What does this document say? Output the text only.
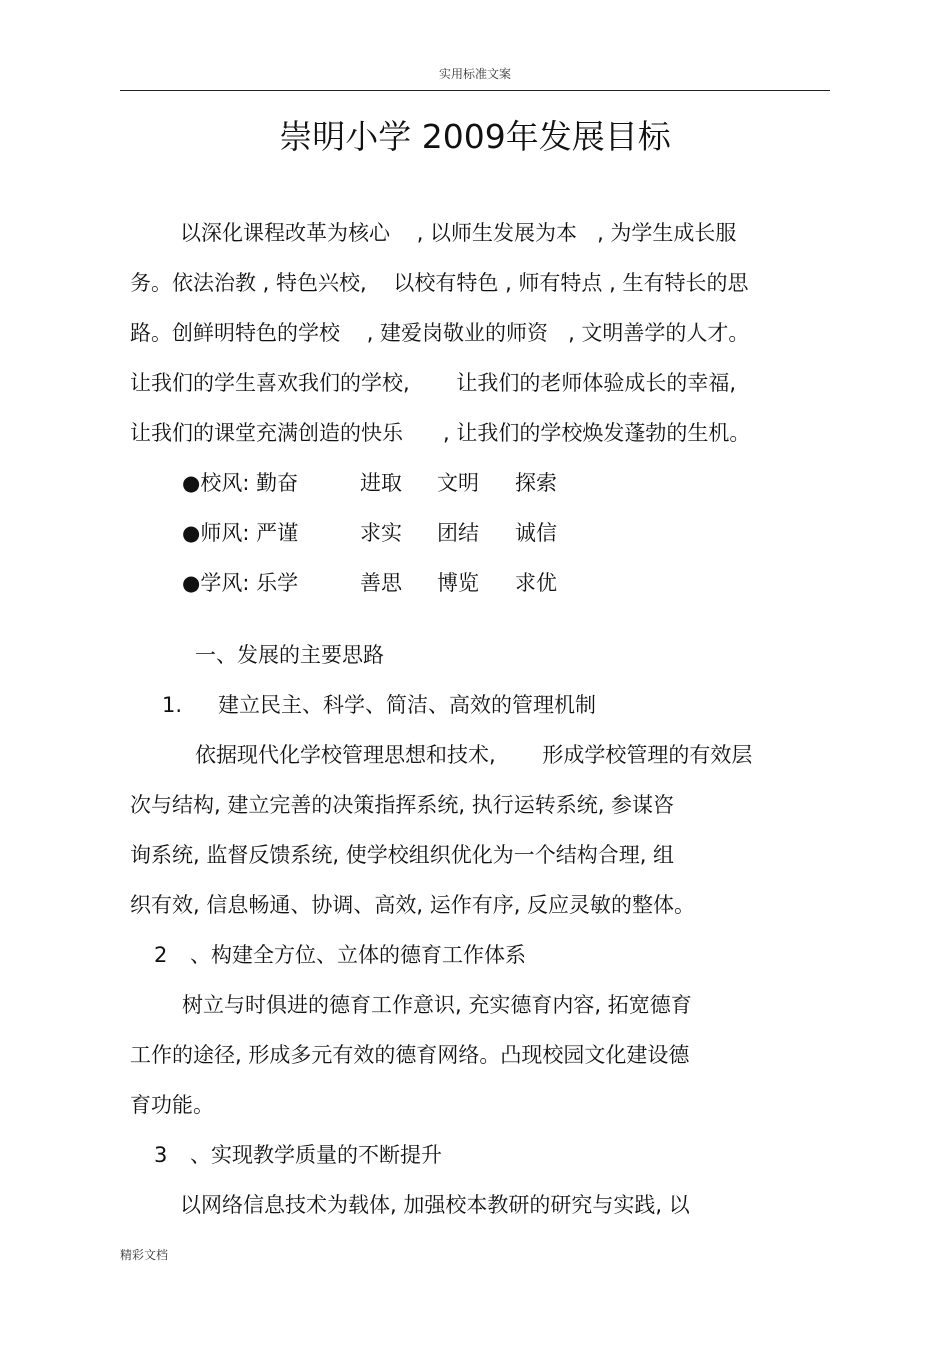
实用标准文案
崇明小学 2009年发展目标
以深化课程改革为核心    , 以师生发展为本   , 为学生成长服
务。依法治教 , 特色兴校,    以校有特色 , 师有特点 , 生有特长的思
路。创鲜明特色的学校    , 建爱岗敬业的师资   , 文明善学的人才。
让我们的学生喜欢我们的学校,       让我们的老师体验成长的幸福,
让我们的课堂充满创造的快乐      , 让我们的学校焕发蓬勃的生机。
●校风: 勤奋	进取 文明 探索
●师风: 严谨	求实 团结 诚信
●学风: 乐学	善思 博览 求优
一、发展的主要思路
1. 建立民主、科学、简洁、高效的管理机制
依据现代化学校管理思想和技术,       形成学校管理的有效层
次与结构, 建立完善的决策指挥系统, 执行运转系统, 参谋咨
询系统, 监督反馈系统, 使学校组织优化为一个结构合理, 组
织有效, 信息畅通、协调、高效, 运作有序, 反应灵敏的整体。
2 、构建全方位、立体的德育工作体系
树立与时俱进的德育工作意识, 充实德育内容, 拓宽德育
工作的途径, 形成多元有效的德育网络。凸现校园文化建设德
育功能。
3 、实现教学质量的不断提升
以网络信息技术为载体, 加强校本教研的研究与实践, 以
精彩文档
